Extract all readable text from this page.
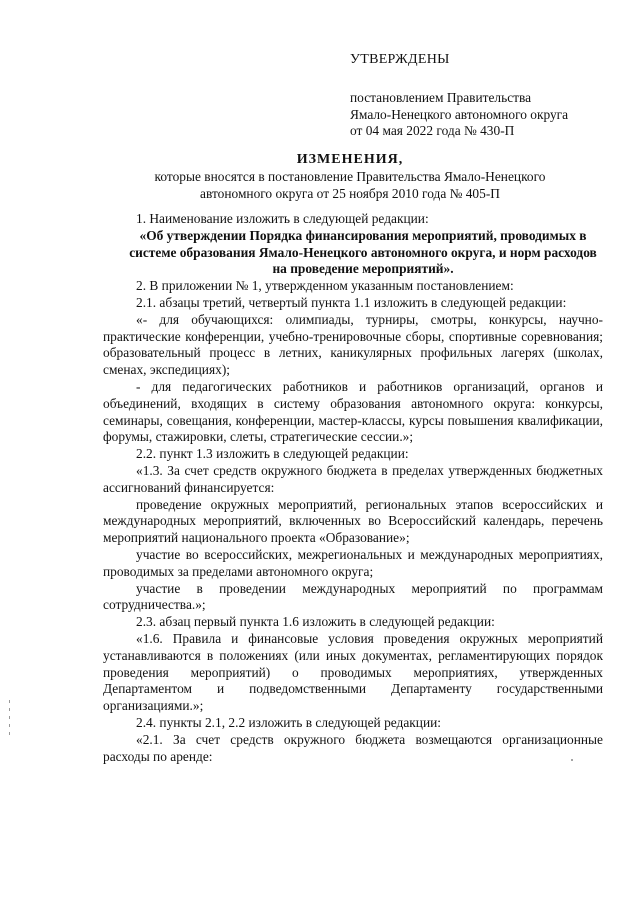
УТВЕРЖДЕНЫ
постановлением Правительства
Ямало-Ненецкого автономного округа
от 04 мая 2022 года № 430-П
ИЗМЕНЕНИЯ,
которые вносятся в постановление Правительства Ямало-Ненецкого
автономного округа от 25 ноября 2010 года № 405-П

1. Наименование изложить в следующей редакции:

«Об утверждении Порядка финансирования мероприятий, проводимых в системе образования Ямало-Ненецкого автономного округа, и норм расходов на проведение мероприятий».

2. В приложении № 1, утвержденном указанным постановлением:

2.1. абзацы третий, четвертый пункта 1.1 изложить в следующей редакции:

«- для обучающихся: олимпиады, турниры, смотры, конкурсы, научно-практические конференции, учебно-тренировочные сборы, спортивные соревнования; образовательный процесс в летних, каникулярных профильных лагерях (школах, сменах, экспедициях);

- для педагогических работников и работников организаций, органов и объединений, входящих в систему образования автономного округа: конкурсы, семинары, совещания, конференции, мастер-классы, курсы повышения квалификации, форумы, стажировки, слеты, стратегические сессии.»;

2.2. пункт 1.3 изложить в следующей редакции:

«1.3. За счет средств окружного бюджета в пределах утвержденных бюджетных ассигнований финансируется:

проведение окружных мероприятий, региональных этапов всероссийских и международных мероприятий, включенных во Всероссийский календарь, перечень мероприятий национального проекта «Образование»;

участие во всероссийских, межрегиональных и международных мероприятиях, проводимых за пределами автономного округа;

участие в проведении международных мероприятий по программам сотрудничества.»;

2.3. абзац первый пункта 1.6 изложить в следующей редакции:

«1.6. Правила и финансовые условия проведения окружных мероприятий устанавливаются в положениях (или иных документах, регламентирующих порядок проведения мероприятий) о проводимых мероприятиях, утвержденных Департаментом и подведомственными Департаменту государственными организациями.»;

2.4. пункты 2.1, 2.2 изложить в следующей редакции:

«2.1. За счет средств окружного бюджета возмещаются организационные расходы по аренде:
